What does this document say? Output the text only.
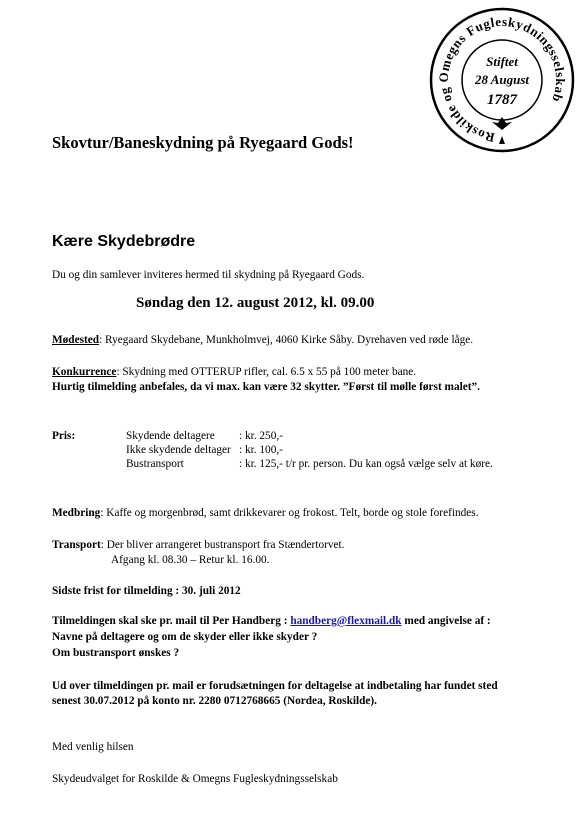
Roskilde og Omegns Fugleskydningsselskab
Stiftet
28 August
1787
Skovtur/Baneskydning på Ryegaard Gods!
Kære Skydebrødre
Du og din samlever inviteres hermed til skydning på Ryegaard Gods.
Søndag den 12. august 2012, kl. 09.00
Mødested: Ryegaard Skydebane, Munkholmvej, 4060 Kirke Såby. Dyrehaven ved røde låge.
Konkurrence: Skydning med OTTERUP rifler, cal. 6.5 x 55 på 100 meter bane.
Hurtig tilmelding anbefales, da vi max. kan være 32 skytter. ”Først til mølle først malet”.
Pris:	Skydende deltagere	: kr. 250,-
Ikke skydende deltager : kr. 100,-
Bustransport	: kr. 125,- t/r pr. person. Du kan også vælge selv at køre.
Medbring: Kaffe og morgenbrød, samt drikkevarer og frokost. Telt, borde og stole forefindes.
Transport: Der bliver arrangeret bustransport fra Stændertorvet.
Afgang kl. 08.30 – Retur kl. 16.00.
Sidste frist for tilmelding : 30. juli 2012
Tilmeldingen skal ske pr. mail til Per Handberg : handberg@flexmail.dk med angivelse af :
Navne på deltagere og om de skyder eller ikke skyder ?
Om bustransport ønskes ?
Ud over tilmeldingen pr. mail er forudsætningen for deltagelse at indbetaling har fundet sted
senest 30.07.2012 på konto nr. 2280 0712768665 (Nordea, Roskilde).
Med venlig hilsen
Skydeudvalget for Roskilde & Omegns Fugleskydningsselskab
